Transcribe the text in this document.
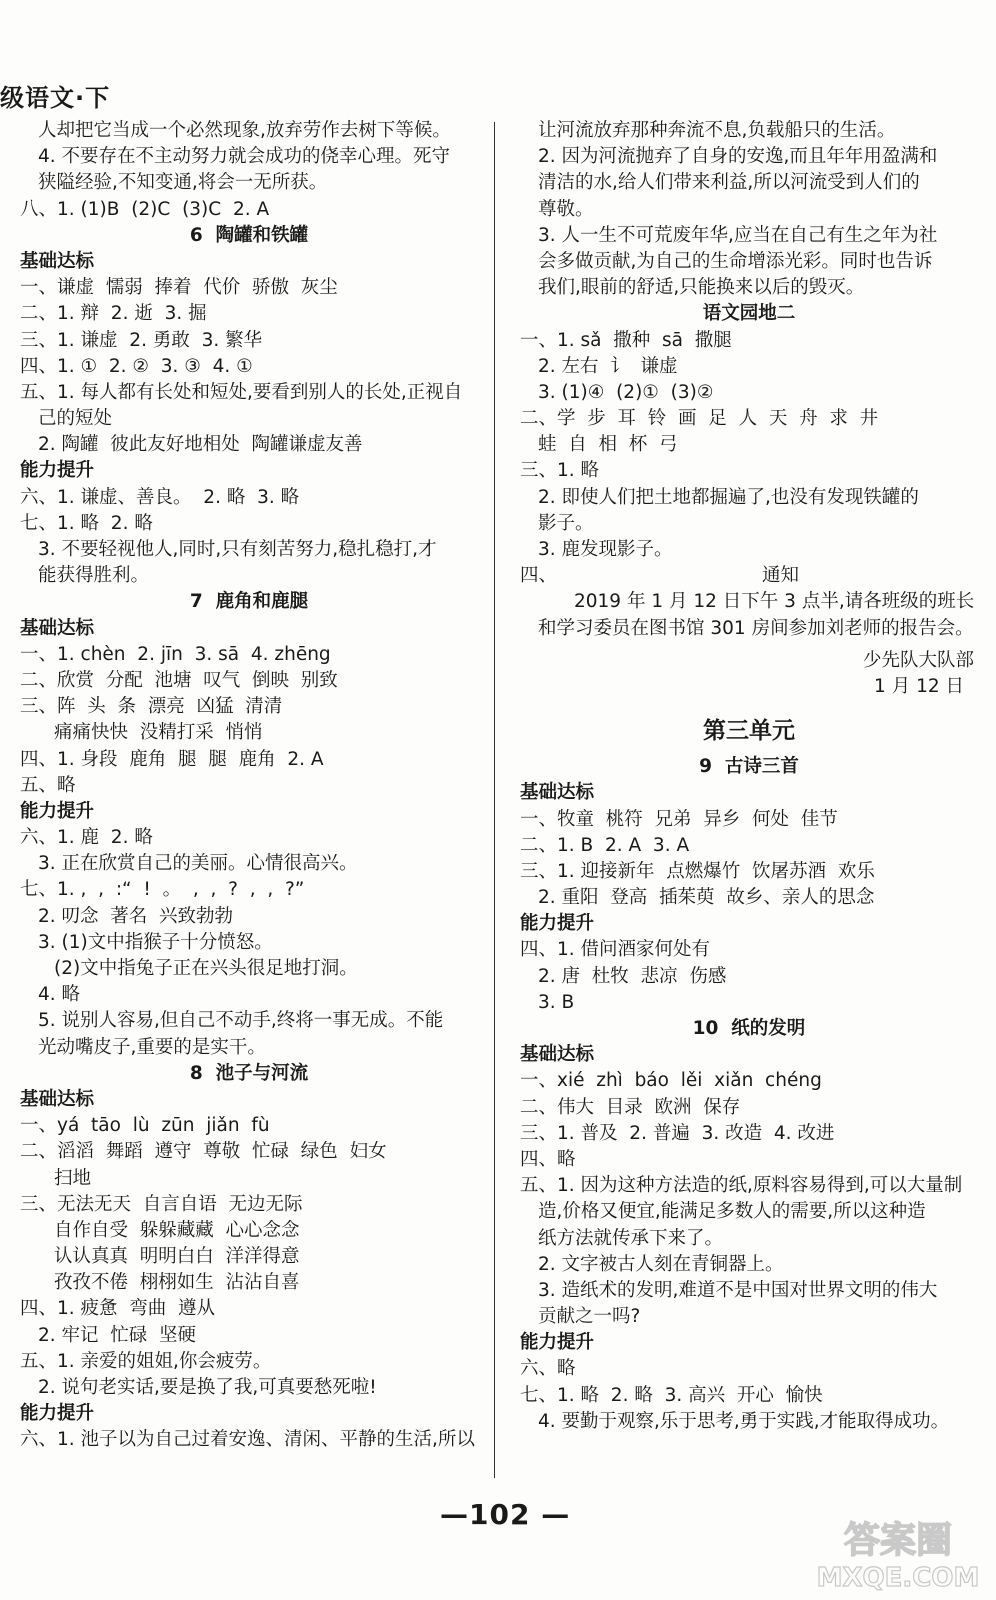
级语文·下
人却把它当成一个必然现象,放弃劳作去树下等候。
4. 不要存在不主动努力就会成功的侥幸心理。死守
狭隘经验,不知变通,将会一无所获。
八、1. (1)B  (2)C  (3)C  2. A
6  陶罐和铁罐
基础达标
一、谦虚  懦弱  捧着  代价  骄傲  灰尘
二、1. 辩  2. 逝  3. 掘
三、1. 谦虚  2. 勇敢  3. 繁华
四、1. ①  2. ②  3. ③  4. ①
五、1. 每人都有长处和短处,要看到别人的长处,正视自
己的短处
2. 陶罐  彼此友好地相处  陶罐谦虚友善
能力提升
六、1. 谦虚、善良。  2. 略  3. 略
七、1. 略  2. 略
3. 不要轻视他人,同时,只有刻苦努力,稳扎稳打,才
能获得胜利。
7  鹿角和鹿腿
基础达标
一、1. chèn  2. jīn  3. sā  4. zhēng
二、欣赏  分配  池塘  叹气  倒映  别致
三、阵  头  条  漂亮  凶猛  清清
痛痛快快  没精打采  悄悄
四、1. 身段  鹿角  腿  腿  鹿角  2. A
五、略
能力提升
六、1. 鹿  2. 略
3. 正在欣赏自己的美丽。心情很高兴。
七、1. ,  ,  :“  !  。  ,  ,  ?  ,  ,  ?”
2. 叨念  著名  兴致勃勃
3. (1)文中指猴子十分愤怒。
(2)文中指兔子正在兴头很足地打洞。
4. 略
5. 说别人容易,但自己不动手,终将一事无成。不能
光动嘴皮子,重要的是实干。
8  池子与河流
基础达标
一、yá  tāo  lù  zūn  jiǎn  fù
二、滔滔  舞蹈  遵守  尊敬  忙碌  绿色  妇女
扫地
三、无法无天  自言自语  无边无际
自作自受  躲躲藏藏  心心念念
认认真真  明明白白  洋洋得意
孜孜不倦  栩栩如生  沾沾自喜
四、1. 疲惫  弯曲  遵从
2. 牢记  忙碌  坚硬
五、1. 亲爱的姐姐,你会疲劳。
2. 说句老实话,要是换了我,可真要愁死啦!
能力提升
六、1. 池子以为自己过着安逸、清闲、平静的生活,所以
让河流放弃那种奔流不息,负载船只的生活。
2. 因为河流抛弃了自身的安逸,而且年年用盈满和
清洁的水,给人们带来利益,所以河流受到人们的
尊敬。
3. 人一生不可荒废年华,应当在自己有生之年为社
会多做贡献,为自己的生命增添光彩。同时也告诉
我们,眼前的舒适,只能换来以后的毁灭。
语文园地二
一、1. sǎ  撒种  sā  撒腿
2. 左右  讠  谦虚
3. (1)④  (2)①  (3)②
二、学  步  耳  铃  画  足  人  天  舟  求  井
蛙  自  相  杯  弓
三、1. 略
2. 即使人们把土地都掘遍了,也没有发现铁罐的
影子。
3. 鹿发现影子。
四、	通知
2019 年 1 月 12 日下午 3 点半,请各班级的班长和学习委员在图书馆 301 房间参加刘老师的报告会。
少先队大队部
1 月 12 日
第三单元
9  古诗三首
基础达标
一、牧童  桃符  兄弟  异乡  何处  佳节
二、1. B  2. A  3. A
三、1. 迎接新年  点燃爆竹  饮屠苏酒  欢乐
2. 重阳  登高  插茱萸  故乡、亲人的思念
能力提升
四、1. 借问酒家何处有
2. 唐  杜牧  悲凉  伤感
3. B
10  纸的发明
基础达标
一、xié  zhì  báo  lěi  xiǎn  chéng
二、伟大  目录  欧洲  保存
三、1. 普及  2. 普遍  3. 改造  4. 改进
四、略
五、1. 因为这种方法造的纸,原料容易得到,可以大量制
造,价格又便宜,能满足多数人的需要,所以这种造
纸方法就传承下来了。
2. 文字被古人刻在青铜器上。
3. 造纸术的发明,难道不是中国对世界文明的伟大
贡献之一吗?
能力提升
六、略
七、1. 略  2. 略  3. 高兴  开心  愉快
4. 要勤于观察,乐于思考,勇于实践,才能取得成功。
—102 —
答案圈
MXQE.COM
